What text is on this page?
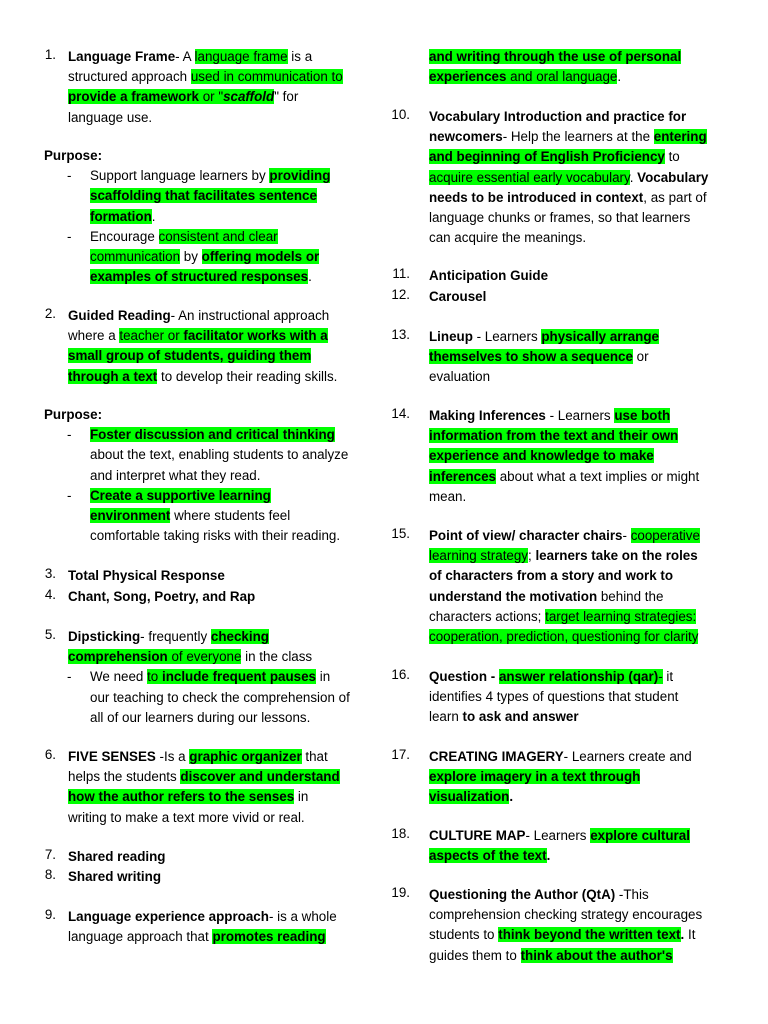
1. Language Frame- A language frame is a
structured approach used in communication to
provide a framework or "scaffold" for
language use.
Purpose:
- Support language learners by providing
scaffolding that facilitates sentence
formation.
- Encourage consistent and clear
communication by offering models or
examples of structured responses.
2. Guided Reading- An instructional approach
where a teacher or facilitator works with a
small group of students, guiding them
through a text to develop their reading skills.
Purpose:
- Foster discussion and critical thinking
about the text, enabling students to analyze
and interpret what they read.
- Create a supportive learning
environment where students feel
comfortable taking risks with their reading.
3. Total Physical Response
4. Chant, Song, Poetry, and Rap
5. Dipsticking- frequently checking
comprehension of everyone in the class
- We need to include frequent pauses in
our teaching to check the comprehension of
all of our learners during our lessons.
6. FIVE SENSES -Is a graphic organizer that
helps the students discover and understand
how the author refers to the senses in
writing to make a text more vivid or real.
7. Shared reading
8. Shared writing
9. Language experience approach- is a whole
language approach that promotes reading
and writing through the use of personal
experiences and oral language.
10. Vocabulary Introduction and practice for
newcomers- Help the learners at the entering
and beginning of English Proficiency to
acquire essential early vocabulary. Vocabulary
needs to be introduced in context, as part of
language chunks or frames, so that learners
can acquire the meanings.
11. Anticipation Guide
12. Carousel
13. Lineup - Learners physically arrange
themselves to show a sequence or
evaluation
14. Making Inferences - Learners use both
information from the text and their own
experience and knowledge to make
inferences about what a text implies or might
mean.
15. Point of view/ character chairs- cooperative
learning strategy; learners take on the roles
of characters from a story and work to
understand the motivation behind the
characters actions; target learning strategies:
cooperation, prediction, questioning for clarity
16. Question - answer relationship (qar)- it
identifies 4 types of questions that student
learn to ask and answer
17. CREATING IMAGERY- Learners create and
explore imagery in a text through
visualization.
18. CULTURE MAP- Learners explore cultural
aspects of the text.
19. Questioning the Author (QtA) -This
comprehension checking strategy encourages
students to think beyond the written text. It
guides them to think about the author's
